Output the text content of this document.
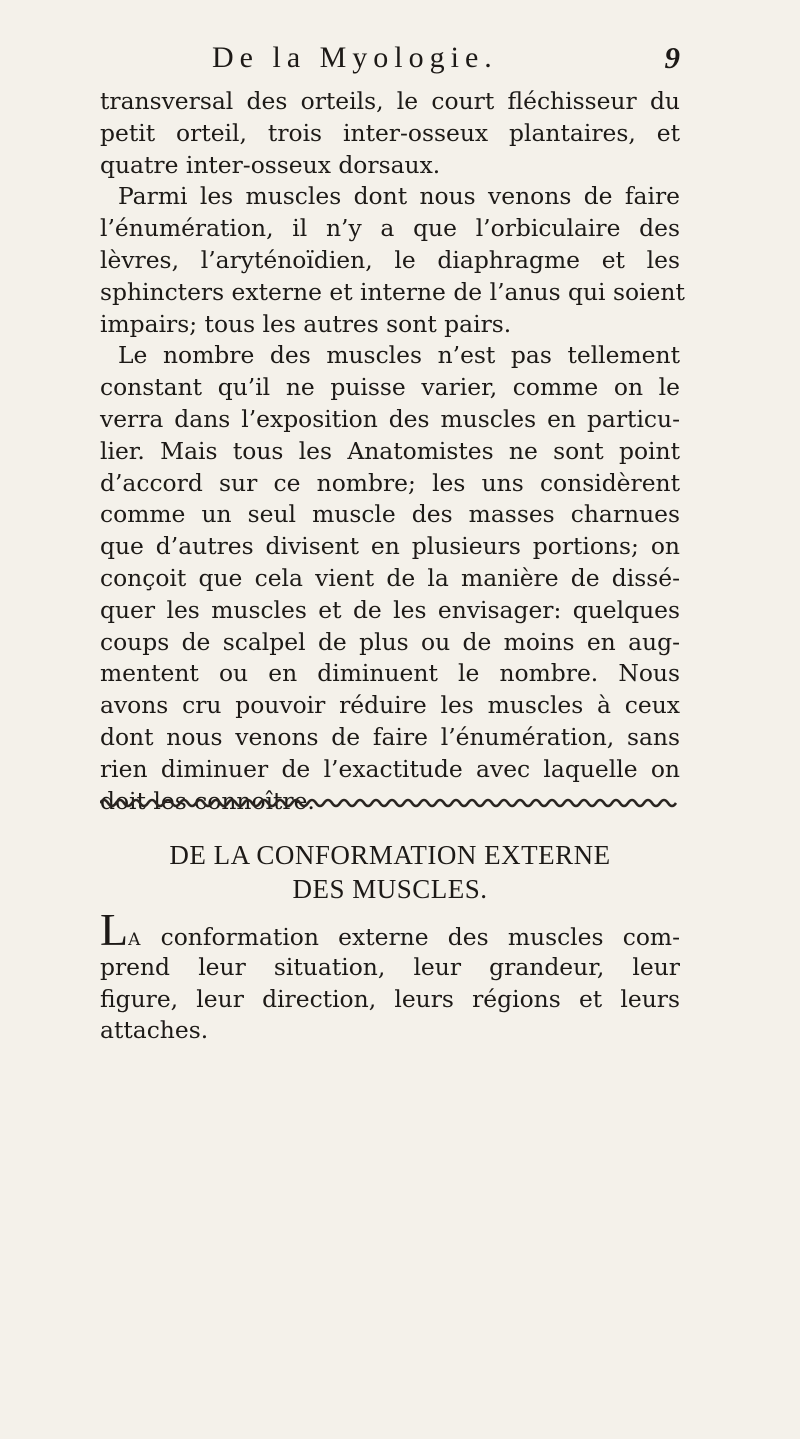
De la Myologie.	9

transversal des orteils, le court fléchisseur du
petit orteil, trois inter-osseux plantaires, et
quatre inter-osseux dorsaux.

Parmi les muscles dont nous venons de faire
l’énumération, il n’y a que l’orbiculaire des
lèvres, l’aryténoïdien, le diaphragme et les
sphincters externe et interne de l’anus qui soient
impairs; tous les autres sont pairs.

Le nombre des muscles n’est pas tellement
constant qu’il ne puisse varier, comme on le
verra dans l’exposition des muscles en particu-
lier. Mais tous les Anatomistes ne sont point
d’accord sur ce nombre; les uns considèrent
comme un seul muscle des masses charnues
que d’autres divisent en plusieurs portions; on
conçoit que cela vient de la manière de dissé-
quer les muscles et de les envisager: quelques
coups de scalpel de plus ou de moins en aug-
mentent ou en diminuent le nombre. Nous
avons cru pouvoir réduire les muscles à ceux
dont nous venons de faire l’énumération, sans
rien diminuer de l’exactitude avec laquelle on
doit les connoître.

DE LA CONFORMATION EXTERNE
DES MUSCLES.

LA conformation externe des muscles com-
prend leur situation, leur grandeur, leur
figure, leur direction, leurs régions et leurs
attaches.
